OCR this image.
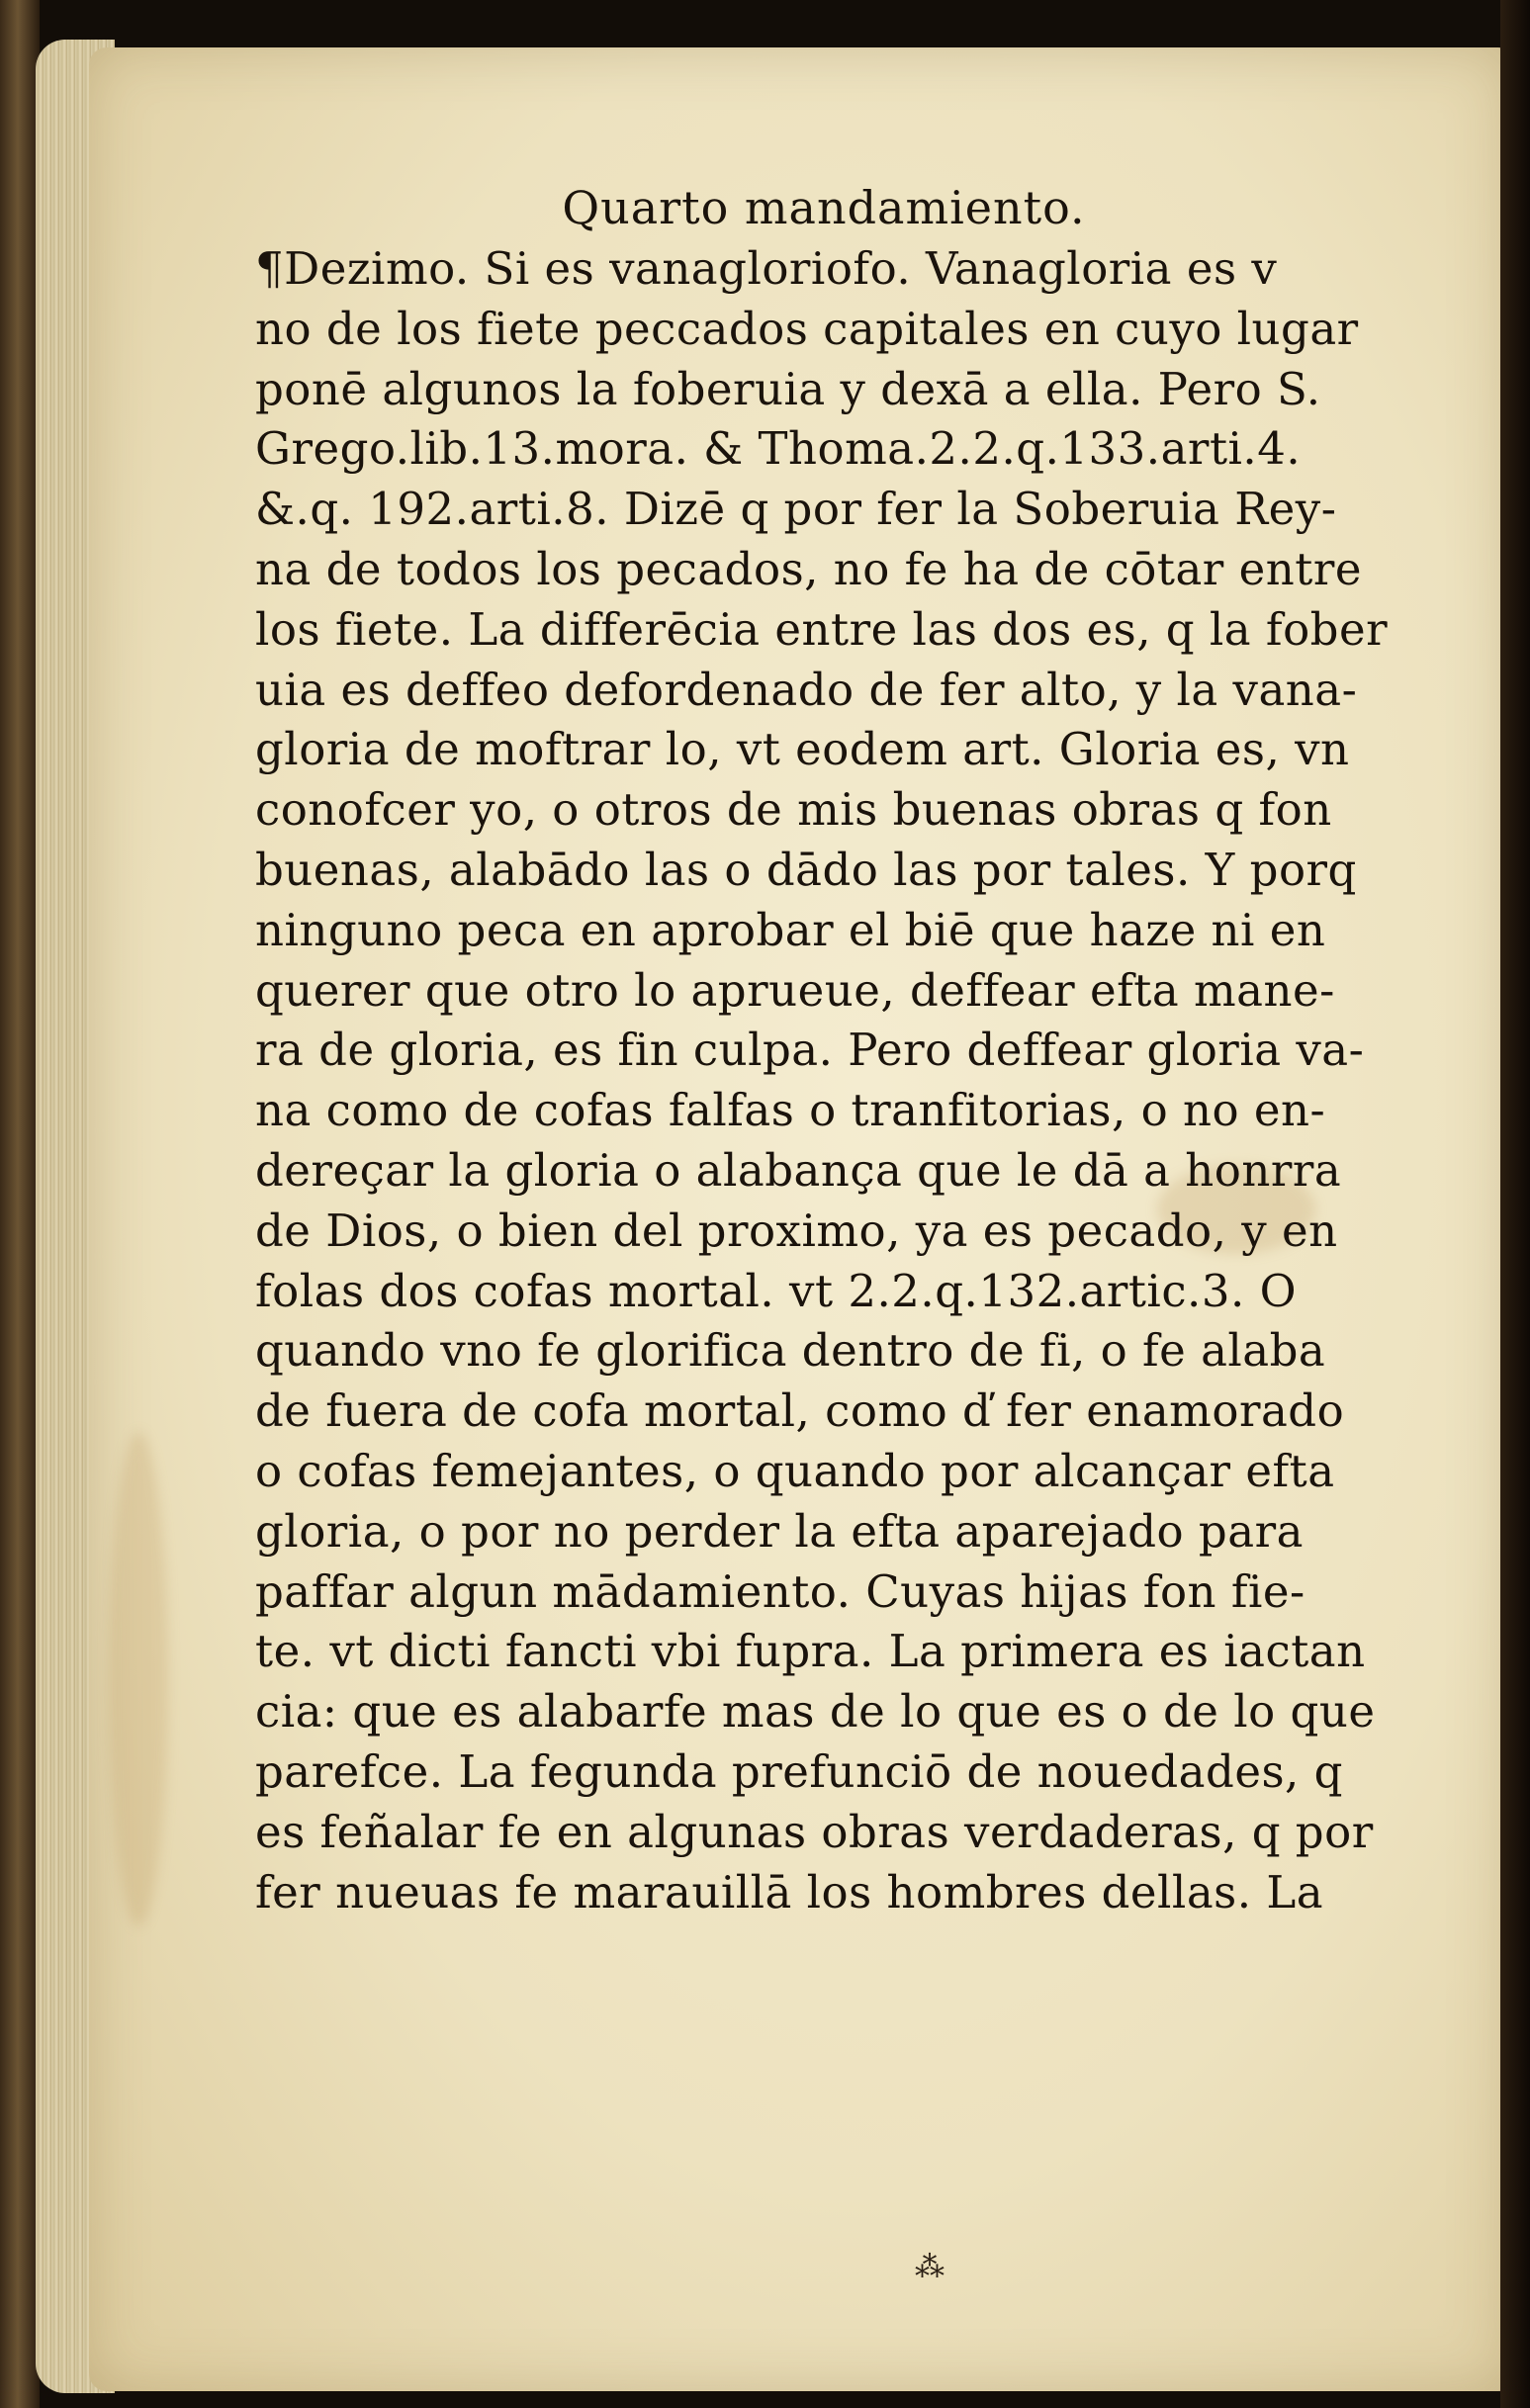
Quarto mandamiento.
¶Dezimo. Si es vanagloriofo. Vanagloria es v
no de los fiete peccados capitales en cuyo lugar
ponē algunos la foberuia y dexā a ella. Pero S.
Grego.lib.13.mora. & Thoma.2.2.q.133.arti.4.
&.q. 192.arti.8. Dizē q por fer la Soberuia Rey-
na de todos los pecados, no fe ha de cōtar entre
los fiete. La differēcia entre las dos es, q la fober
uia es deffeo defordenado de fer alto, y la vana-
gloria de moftrar lo, vt eodem art. Gloria es, vn
conofcer yo, o otros de mis buenas obras q fon
buenas, alabādo las o dādo las por tales. Y porq
ninguno peca en aprobar el biē que haze ni en
querer que otro lo aprueue, deffear efta mane-
ra de gloria, es fin culpa. Pero deffear gloria va-
na como de cofas falfas o tranfitorias, o no en-
dereçar la gloria o alabança que le dā a honrra
de Dios, o bien del proximo, ya es pecado, y en
folas dos cofas mortal. vt 2.2.q.132.artic.3. O
quando vno fe glorifica dentro de fi, o fe alaba
de fuera de cofa mortal, como ď fer enamorado
o cofas femejantes, o quando por alcançar efta
gloria, o por no perder la efta aparejado para
paffar algun mādamiento. Cuyas hijas fon fie-
te. vt dicti fancti vbi fupra. La primera es iactan
cia: que es alabarfe mas de lo que es o de lo que
parefce. La fegunda prefunciō de nouedades, q
es feñalar fe en algunas obras verdaderas, q por
fer nueuas fe marauillā los hombres dellas. La
⁂
